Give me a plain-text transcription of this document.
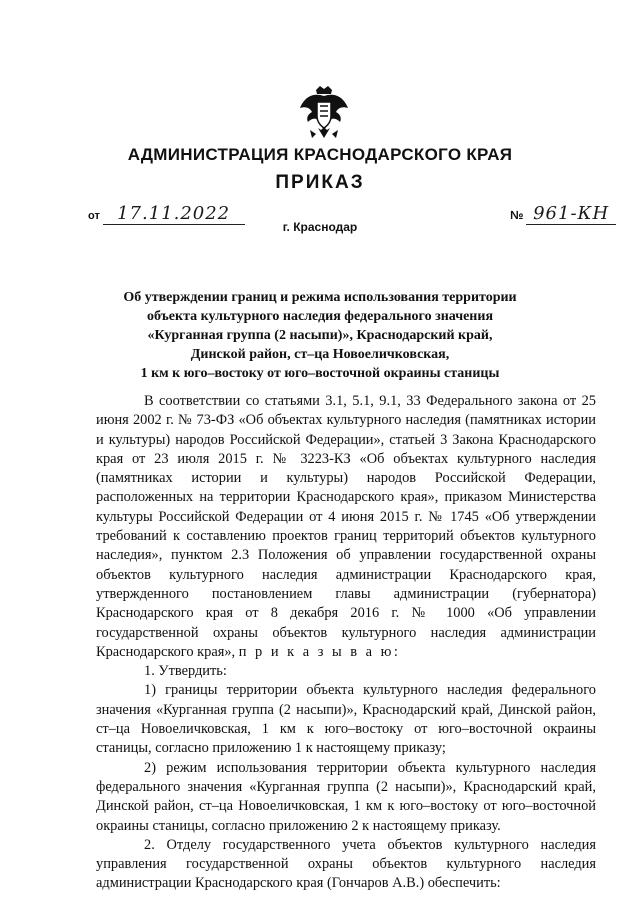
АДМИНИСТРАЦИЯ КРАСНОДАРСКОГО КРАЯ
ПРИКАЗ
от 17.11.2022	№ 961-КН
г. Краснодар
Об утверждении границ и режима использования территории
объекта культурного наследия федерального значения
«Курганная группа (2 насыпи)», Краснодарский край,
Динской район, ст–ца Новоеличковская,
1 км к юго–востоку от юго–восточной окраины станицы

В соответствии со статьями 3.1, 5.1, 9.1, 33 Федерального закона от 25 июня 2002 г. № 73-ФЗ «Об объектах культурного наследия (памятниках истории и культуры) народов Российской Федерации», статьей 3 Закона Краснодарского края от 23 июля 2015 г. № 3223-КЗ «Об объектах культурного наследия (памятниках истории и культуры) народов Российской Федерации, расположенных на территории Краснодарского края», приказом Министерства культуры Российской Федерации от 4 июня 2015 г. № 1745 «Об утверждении требований к составлению проектов границ территорий объектов культурного наследия», пунктом 2.3 Положения об управлении государственной охраны объектов культурного наследия администрации Краснодарского края, утвержденного постановлением главы администрации (губернатора) Краснодарского края от 8 декабря 2016 г. № 1000 «Об управлении государственной охраны объектов культурного наследия администрации Краснодарского края», п р и к а з ы в а ю:

1. Утвердить:

1) границы территории объекта культурного наследия федерального значения «Курганная группа (2 насыпи)», Краснодарский край, Динской район, ст–ца Новоеличковская, 1 км к юго–востоку от юго–восточной окраины станицы, согласно приложению 1 к настоящему приказу;

2) режим использования территории объекта культурного наследия федерального значения «Курганная группа (2 насыпи)», Краснодарский край, Динской район, ст–ца Новоеличковская, 1 км к юго–востоку от юго–восточной окраины станицы, согласно приложению 2 к настоящему приказу.

2. Отделу государственного учета объектов культурного наследия управления государственной охраны объектов культурного наследия администрации Краснодарского края (Гончаров А.В.) обеспечить:
